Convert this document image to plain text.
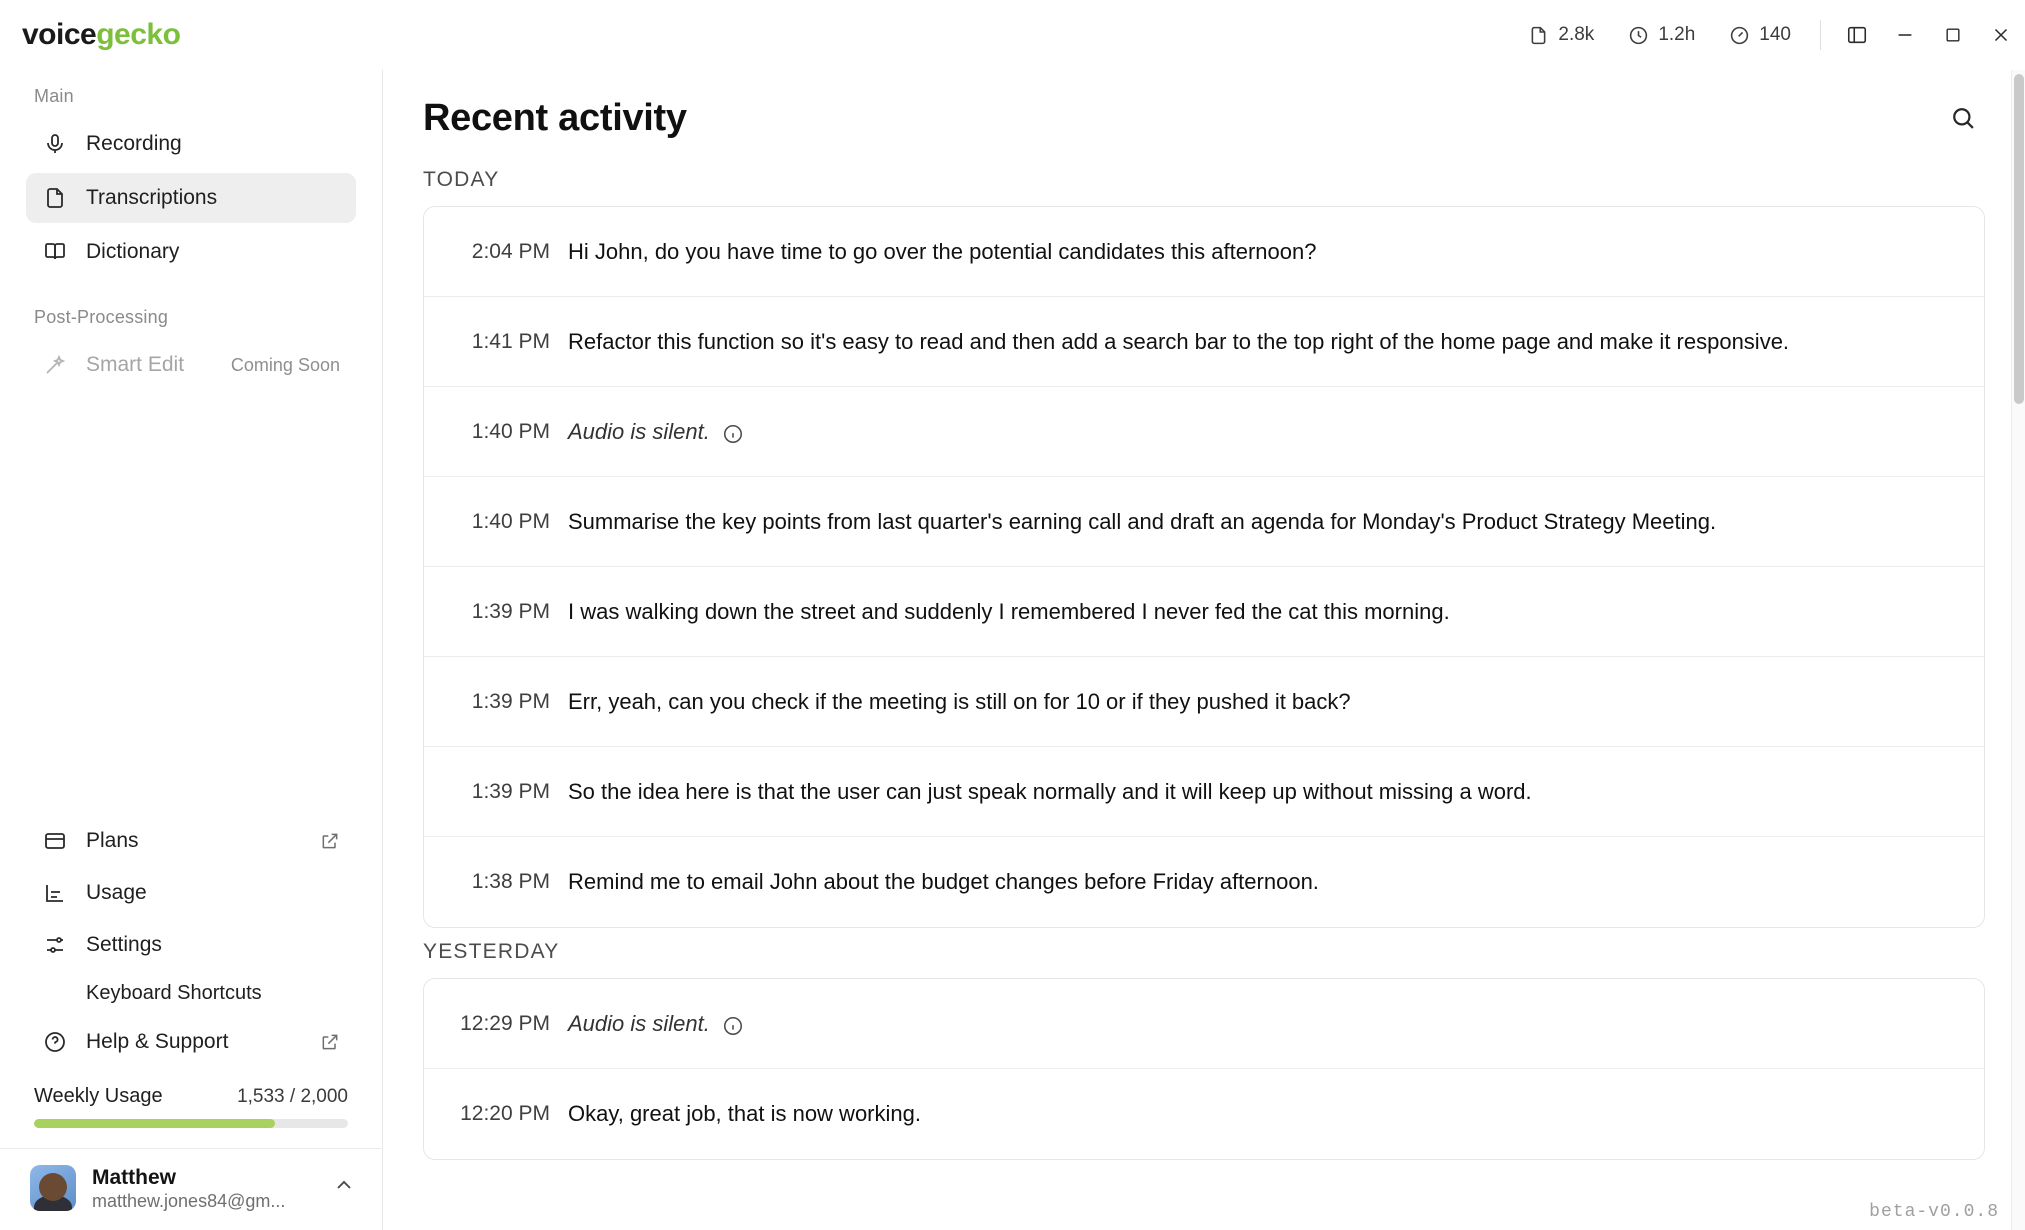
voicegecko	2.8k	1.2h	140
Main
Recording
Transcriptions
Dictionary
Post-Processing
Smart Edit	Coming Soon
Plans
Usage
Settings
Keyboard Shortcuts
Help & Support
Weekly Usage	1,533 / 2,000
Matthew
matthew.jones84@gm...
Recent activity
TODAY
2:04 PM Hi John, do you have time to go over the potential candidates this afternoon?
1:41 PM Refactor this function so it's easy to read and then add a search bar to the top right of the home page and make it responsive.
1:40 PM Audio is silent.
1:40 PM Summarise the key points from last quarter's earning call and draft an agenda for Monday's Product Strategy Meeting.
1:39 PM I was walking down the street and suddenly I remembered I never fed the cat this morning.
1:39 PM Err, yeah, can you check if the meeting is still on for 10 or if they pushed it back?
1:39 PM So the idea here is that the user can just speak normally and it will keep up without missing a word.
1:38 PM Remind me to email John about the budget changes before Friday afternoon.
YESTERDAY
12:29 PM Audio is silent.
12:20 PM Okay, great job, that is now working.
beta-v0.0.8
